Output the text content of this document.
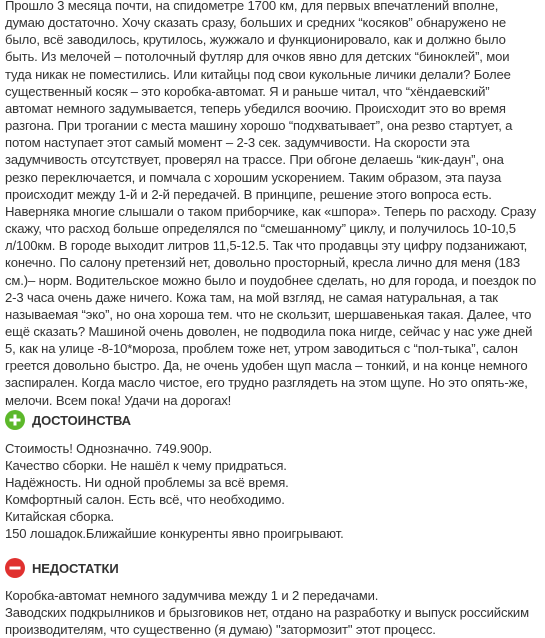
Прошло 3 месяца почти, на спидометре 1700 км, для первых впечатлений вполне, думаю достаточно. Хочу сказать сразу, больших и средних “косяков” обнаружено не было, всё заводилось, крутилось, жужжало и функционировало, как и должно было быть. Из мелочей – потолочный футляр для очков явно для детских “биноклей”, мои туда никак не поместились. Или китайцы под свои кукольные личики делали? Более существенный косяк – это коробка-автомат. Я и раньше читал, что “хёндаевский” автомат немного задумывается, теперь убедился воочию. Происходит это во время разгона. При трогании с места машину хорошо “подхватывает”, она резво стартует, а потом наступает этот самый момент – 2-3 сек. задумчивости. На скорости эта задумчивость отсутствует, проверял на трассе. При обгоне делаешь “кик-даун”, она резко переключается, и помчала с хорошим ускорением. Таким образом, эта пауза происходит между 1-й и 2-й передачей. В принципе, решение этого вопроса есть. Наверняка многие слышали о таком приборчике, как «шпора». Теперь по расходу. Сразу скажу, что расход больше определялся по “смешанному” циклу, и получилось 10-10,5 л/100км. В городе выходит литров 11,5-12.5. Так что продавцы эту цифру подзанижают, конечно. По салону претензий нет, довольно просторный, кресла лично для меня (183 см.)– норм. Водительское можно было и поудобнее сделать, но для города, и поездок по 2-3 часа очень даже ничего. Кожа там, на мой взгляд, не самая натуральная, а так называемая “эко”, но она хороша тем. что не скользит, шершавенькая такая. Далее, что ещё сказать? Машиной очень доволен, не подводила пока нигде, сейчас у нас уже дней 5, как на улице -8-10*мороза, проблем тоже нет, утром заводиться с “пол-тыка”, салон греется довольно быстро. Да, не очень удобен щуп масла – тонкий, и на конце немного заспирален. Когда масло чистое, его трудно разглядеть на этом щупе. Но это опять-же, мелочи. Всем пока! Удачи на дорогах!

ДОСТОИНСТВА
Стоимость! Однозначно. 749.900р.
Качество сборки. Не нашёл к чему придраться.
Надёжность. Ни одной проблемы за всё время.
Комфортный салон. Есть всё, что необходимо.
Китайская сборка.
150 лошадок.Ближайшие конкуренты явно проигрывают.
НЕДОСТАТКИ
Коробка-автомат немного задумчива между 1 и 2 передачами.
Заводских подкрылников и брызговиков нет, отдано на разработку и выпуск российским производителям, что существенно (я думаю) "затормозит" этот процесс.
